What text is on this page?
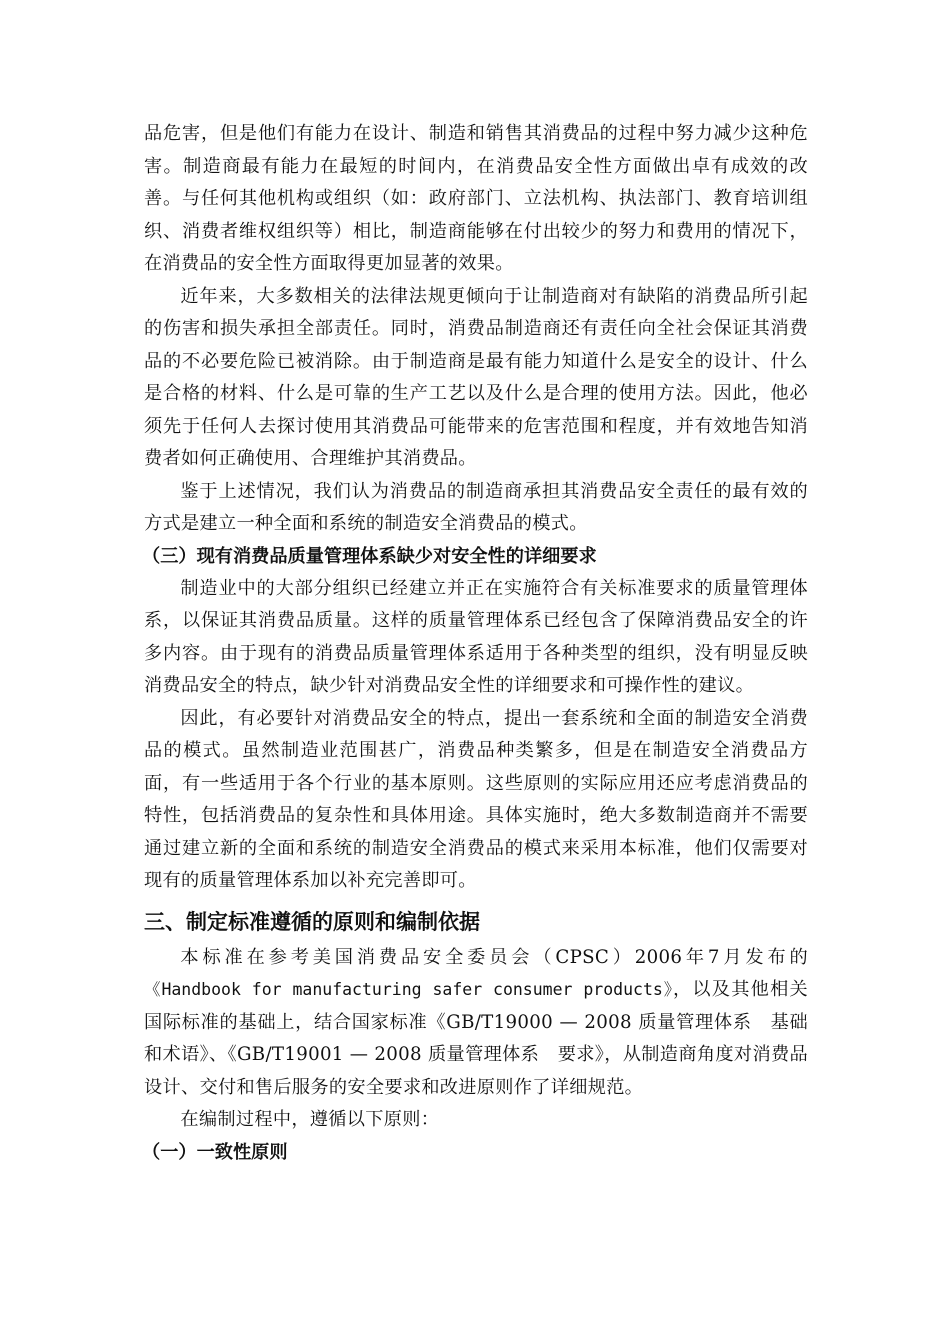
品危害，但是他们有能力在设计、制造和销售其消费品的过程中努力减少这种危害。制造商最有能力在最短的时间内，在消费品安全性方面做出卓有成效的改善。与任何其他机构或组织（如：政府部门、立法机构、执法部门、教育培训组织、消费者维权组织等）相比，制造商能够在付出较少的努力和费用的情况下，在消费品的安全性方面取得更加显著的效果。

近年来，大多数相关的法律法规更倾向于让制造商对有缺陷的消费品所引起的伤害和损失承担全部责任。同时，消费品制造商还有责任向全社会保证其消费品的不必要危险已被消除。由于制造商是最有能力知道什么是安全的设计、什么是合格的材料、什么是可靠的生产工艺以及什么是合理的使用方法。因此，他必须先于任何人去探讨使用其消费品可能带来的危害范围和程度，并有效地告知消费者如何正确使用、合理维护其消费品。

鉴于上述情况，我们认为消费品的制造商承担其消费品安全责任的最有效的方式是建立一种全面和系统的制造安全消费品的模式。

（三）现有消费品质量管理体系缺少对安全性的详细要求

制造业中的大部分组织已经建立并正在实施符合有关标准要求的质量管理体系，以保证其消费品质量。这样的质量管理体系已经包含了保障消费品安全的许多内容。由于现有的消费品质量管理体系适用于各种类型的组织，没有明显反映消费品安全的特点，缺少针对消费品安全性的详细要求和可操作性的建议。

因此，有必要针对消费品安全的特点，提出一套系统和全面的制造安全消费品的模式。虽然制造业范围甚广，消费品种类繁多，但是在制造安全消费品方面，有一些适用于各个行业的基本原则。这些原则的实际应用还应考虑消费品的特性，包括消费品的复杂性和具体用途。具体实施时，绝大多数制造商并不需要通过建立新的全面和系统的制造安全消费品的模式来采用本标准，他们仅需要对现有的质量管理体系加以补充完善即可。

三、制定标准遵循的原则和编制依据

本标准在参考美国消费品安全委员会（CPSC）2006年7月发布的《Handbook for manufacturing safer consumer products》，以及其他相关国际标准的基础上，结合国家标准《GB/T19000 — 2008 质量管理体系　基础和术语》、《GB/T19001 — 2008 质量管理体系　要求》，从制造商角度对消费品设计、交付和售后服务的安全要求和改进原则作了详细规范。

在编制过程中，遵循以下原则：

（一）一致性原则
